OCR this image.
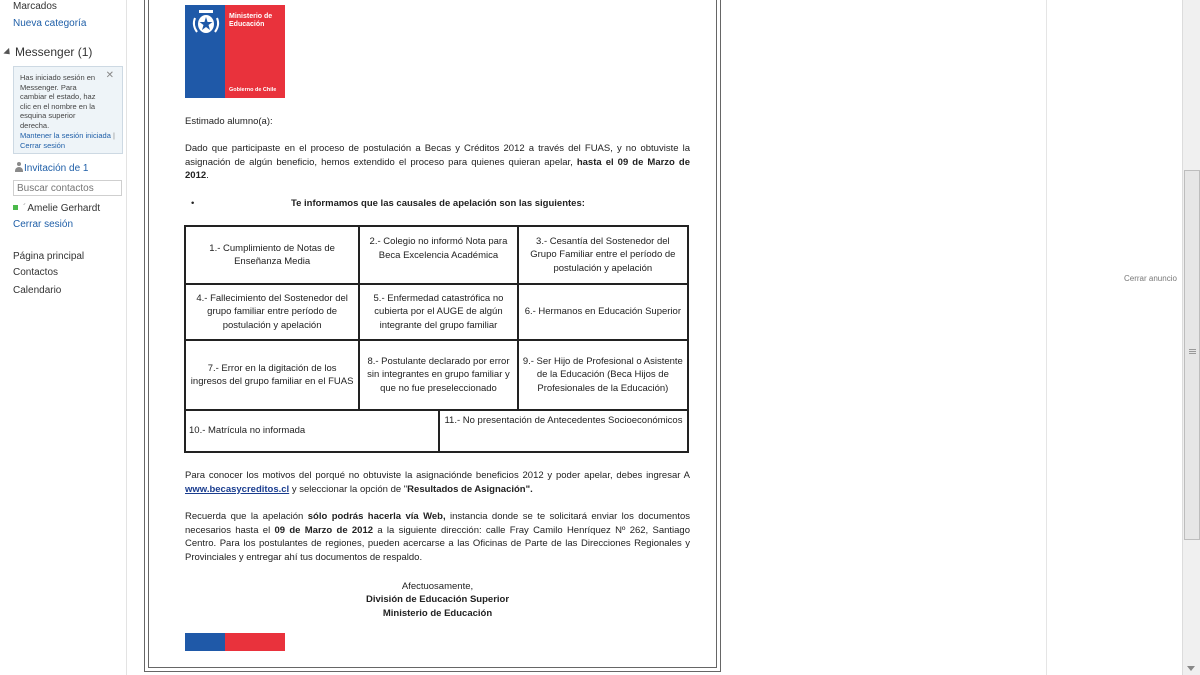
Marcados
Nueva categoría
Messenger (1)
✕
Has iniciado sesión en Messenger. Para cambiar el estado, haz clic en el nombre en la esquina superior derecha.
Mantener la sesión iniciada | Cerrar sesión
Invitación de 1
Buscar contactos
´Amelie Gerhardt
Cerrar sesión
Página principal
Contactos
Calendario
Ministerio de Educación
Gobierno de Chile
Estimado alumno(a):
Dado que participaste en el proceso de postulación a Becas y Créditos 2012 a través del FUAS, y no obtuviste la asignación de algún beneficio, hemos extendido el proceso para quienes quieran apelar, hasta el 09 de Marzo de 2012.
•	Te informamos que las causales de apelación son las siguientes:
1.- Cumplimiento de Notas de Enseñanza Media	2.- Colegio no informó Nota para Beca Excelencia Académica		3.- Cesantía del Sostenedor del Grupo Familiar entre el período de postulación y apelación
4.- Fallecimiento del Sostenedor del grupo familiar entre período de postulación y apelación	5.- Enfermedad catastrófica no cubierta por el AUGE de algún integrante del grupo familiar		6.- Hermanos en Educación Superior
7.- Error en la digitación de los ingresos del grupo familiar en el FUAS	8.- Postulante declarado por error sin integrantes en grupo familiar y que no fue preseleccionado		9.- Ser Hijo de Profesional o Asistente de la Educación (Beca Hijos de Profesionales de la Educación)
10.- Matrícula no informada		11.- No presentación de Antecedentes Socioeconómicos	
Para conocer los motivos del porqué no obtuviste la asignaciónde beneficios 2012 y poder apelar, debes ingresar A www.becasycreditos.cl y seleccionar la opción de "Resultados de Asignación".
Recuerda que la apelación sólo podrás hacerla vía Web, instancia donde se te solicitará enviar los documentos necesarios hasta el 09 de Marzo de 2012 a la siguiente dirección: calle Fray Camilo Henríquez Nº 262, Santiago Centro. Para los postulantes de regiones, pueden acercarse a las Oficinas de Parte de las Direcciones Regionales y Provinciales y entregar ahí tus documentos de respaldo.
Afectuosamente,
División de Educación Superior
Ministerio de Educación
Cerrar anuncio
